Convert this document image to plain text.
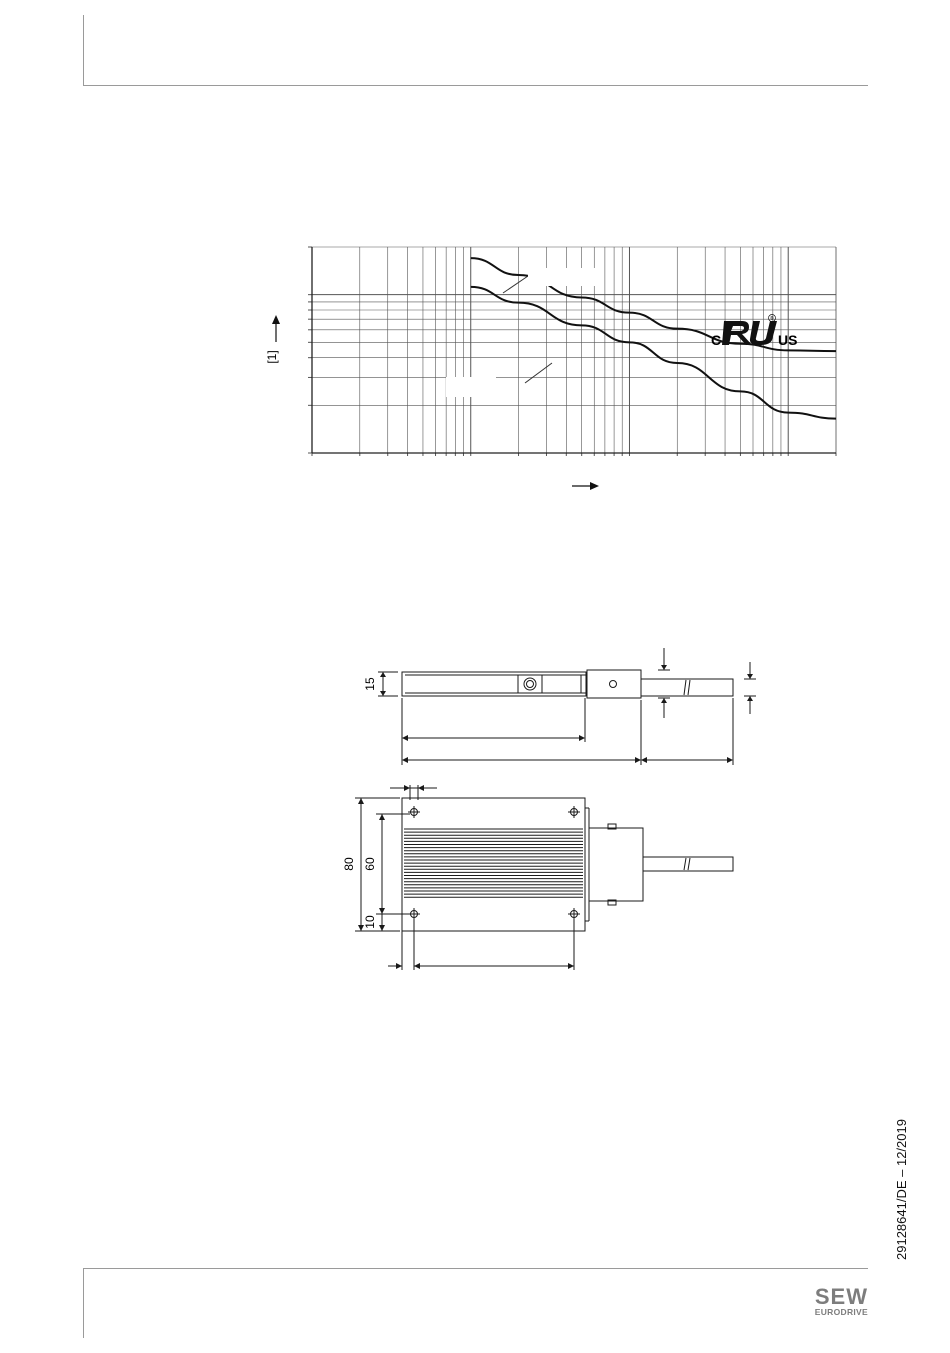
[1]
C	US
®
15
80 60
10
29128641/DE – 12/2019
SEW
EURODRIVE
